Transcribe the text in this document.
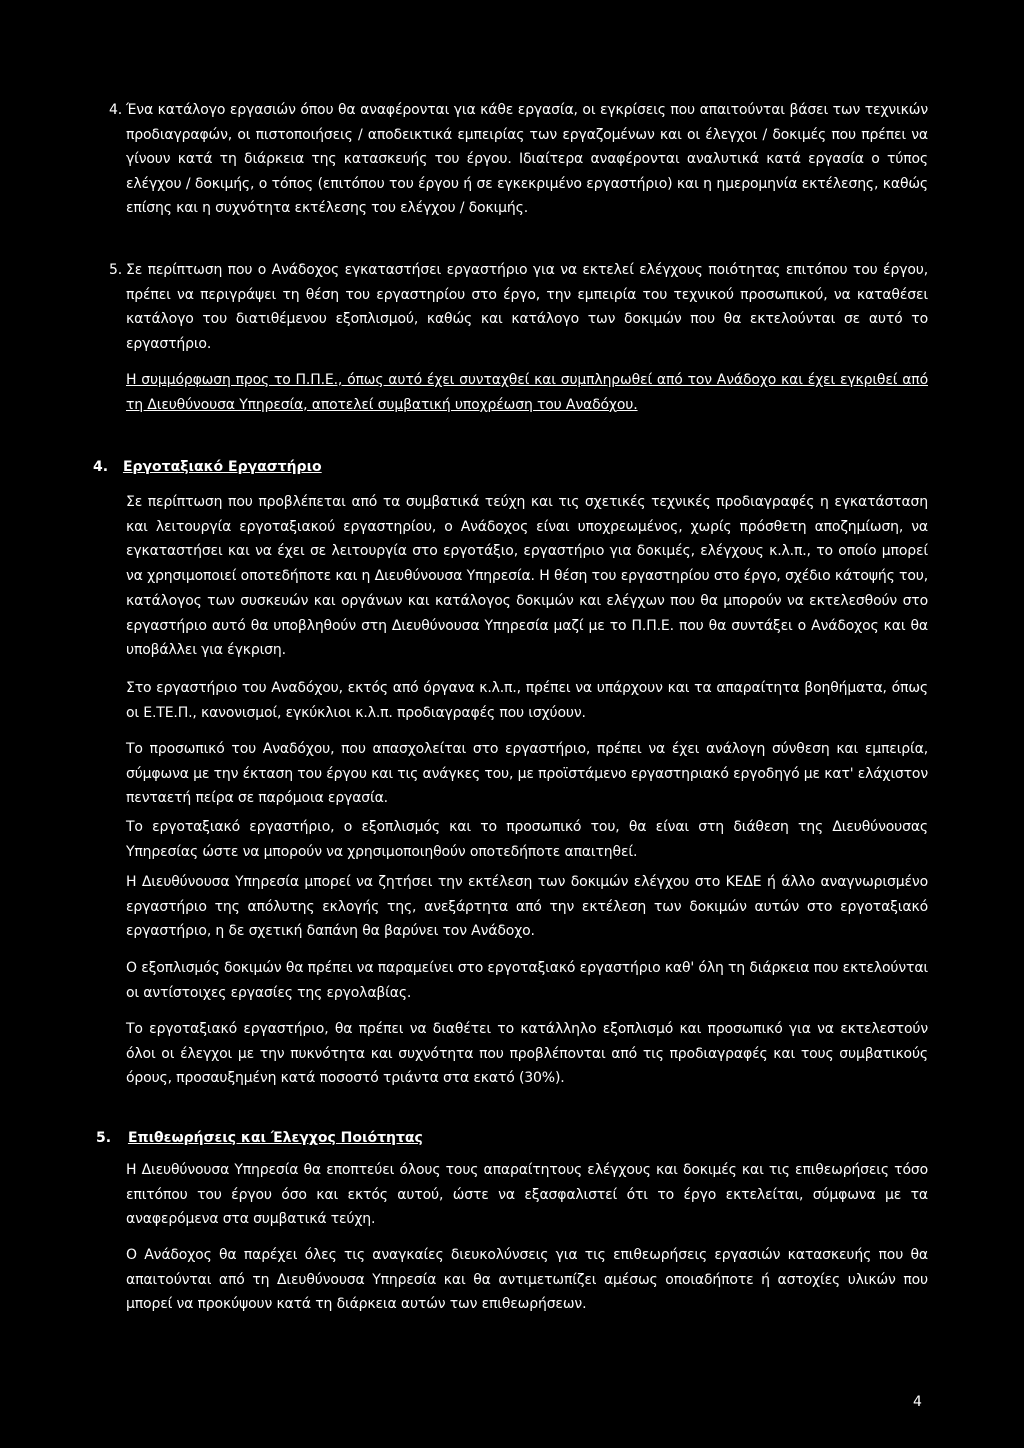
4. Ένα κατάλογο εργασιών όπου θα αναφέρονται για κάθε εργασία, οι εγκρίσεις που απαιτούνται βάσει των τεχνικών προδιαγραφών, οι πιστοποιήσεις / αποδεικτικά εμπειρίας των εργαζομένων και οι έλεγχοι / δοκιμές που πρέπει να γίνουν κατά τη διάρκεια της κατασκευής του έργου. Ιδιαίτερα αναφέρονται αναλυτικά κατά εργασία ο τύπος ελέγχου / δοκιμής, ο τόπος (επιτόπου του έργου ή σε εγκεκριμένο εργαστήριο) και η ημερομηνία εκτέλεσης, καθώς επίσης και η συχνότητα εκτέλεσης του ελέγχου / δοκιμής.

5. Σε περίπτωση που ο Ανάδοχος εγκαταστήσει εργαστήριο για να εκτελεί ελέγχους ποιότητας επιτόπου του έργου, πρέπει να περιγράψει τη θέση του εργαστηρίου στο έργο, την εμπειρία του τεχνικού προσωπικού, να καταθέσει κατάλογο του διατιθέμενου εξοπλισμού, καθώς και κατάλογο των δοκιμών που θα εκτελούνται σε αυτό το εργαστήριο.

Η συμμόρφωση προς το Π.Π.Ε., όπως αυτό έχει συνταχθεί και συμπληρωθεί από τον Ανάδοχο και έχει εγκριθεί από τη Διευθύνουσα Υπηρεσία, αποτελεί συμβατική υποχρέωση του Αναδόχου.

4. Εργοταξιακό Εργαστήριο

Σε περίπτωση που προβλέπεται από τα συμβατικά τεύχη και τις σχετικές τεχνικές προδιαγραφές η εγκατάσταση και λειτουργία εργοταξιακού εργαστηρίου, ο Ανάδοχος είναι υποχρεωμένος, χωρίς πρόσθετη αποζημίωση, να εγκαταστήσει και να έχει σε λειτουργία στο εργοτάξιο, εργαστήριο για δοκιμές, ελέγχους κ.λ.π., το οποίο μπορεί να χρησιμοποιεί οποτεδήποτε και η Διευθύνουσα Υπηρεσία. Η θέση του εργαστηρίου στο έργο, σχέδιο κάτοψής του, κατάλογος των συσκευών και οργάνων και κατάλογος δοκιμών και ελέγχων που θα μπορούν να εκτελεσθούν στο εργαστήριο αυτό θα υποβληθούν στη Διευθύνουσα Υπηρεσία μαζί με το Π.Π.Ε. που θα συντάξει ο Ανάδοχος και θα υποβάλλει για έγκριση.

Στο εργαστήριο του Αναδόχου, εκτός από όργανα κ.λ.π., πρέπει να υπάρχουν και τα απαραίτητα βοηθήματα, όπως οι Ε.ΤΕ.Π., κανονισμοί, εγκύκλιοι κ.λ.π. προδιαγραφές που ισχύουν.

Το προσωπικό του Αναδόχου, που απασχολείται στο εργαστήριο, πρέπει να έχει ανάλογη σύνθεση και εμπειρία, σύμφωνα με την έκταση του έργου και τις ανάγκες του, με προϊστάμενο εργαστηριακό εργοδηγό με κατ' ελάχιστον πενταετή πείρα σε παρόμοια εργασία.

Το εργοταξιακό εργαστήριο, ο εξοπλισμός και το προσωπικό του, θα είναι στη διάθεση της Διευθύνουσας Υπηρεσίας ώστε να μπορούν να χρησιμοποιηθούν οποτεδήποτε απαιτηθεί.

Η Διευθύνουσα Υπηρεσία μπορεί να ζητήσει την εκτέλεση των δοκιμών ελέγχου στο ΚΕΔΕ ή άλλο αναγνωρισμένο εργαστήριο της απόλυτης εκλογής της, ανεξάρτητα από την εκτέλεση των δοκιμών αυτών στο εργοταξιακό εργαστήριο, η δε σχετική δαπάνη θα βαρύνει τον Ανάδοχο.

Ο εξοπλισμός δοκιμών θα πρέπει να παραμείνει στο εργοταξιακό εργαστήριο καθ' όλη τη διάρκεια που εκτελούνται οι αντίστοιχες εργασίες της εργολαβίας.

Το εργοταξιακό εργαστήριο, θα πρέπει να διαθέτει το κατάλληλο εξοπλισμό και προσωπικό για να εκτελεστούν όλοι οι έλεγχοι με την πυκνότητα και συχνότητα που προβλέπονται από τις προδιαγραφές και τους συμβατικούς όρους, προσαυξημένη κατά ποσοστό τριάντα στα εκατό (30%).

5. Επιθεωρήσεις και Έλεγχος Ποιότητας

Η Διευθύνουσα Υπηρεσία θα εποπτεύει όλους τους απαραίτητους ελέγχους και δοκιμές και τις επιθεωρήσεις τόσο επιτόπου του έργου όσο και εκτός αυτού, ώστε να εξασφαλιστεί ότι το έργο εκτελείται, σύμφωνα με τα αναφερόμενα στα συμβατικά τεύχη.

Ο Ανάδοχος θα παρέχει όλες τις αναγκαίες διευκολύνσεις για τις επιθεωρήσεις εργασιών κατασκευής που θα απαιτούνται από τη Διευθύνουσα Υπηρεσία και θα αντιμετωπίζει αμέσως οποιαδήποτε ή αστοχίες υλικών που μπορεί να προκύψουν κατά τη διάρκεια αυτών των επιθεωρήσεων.

4
